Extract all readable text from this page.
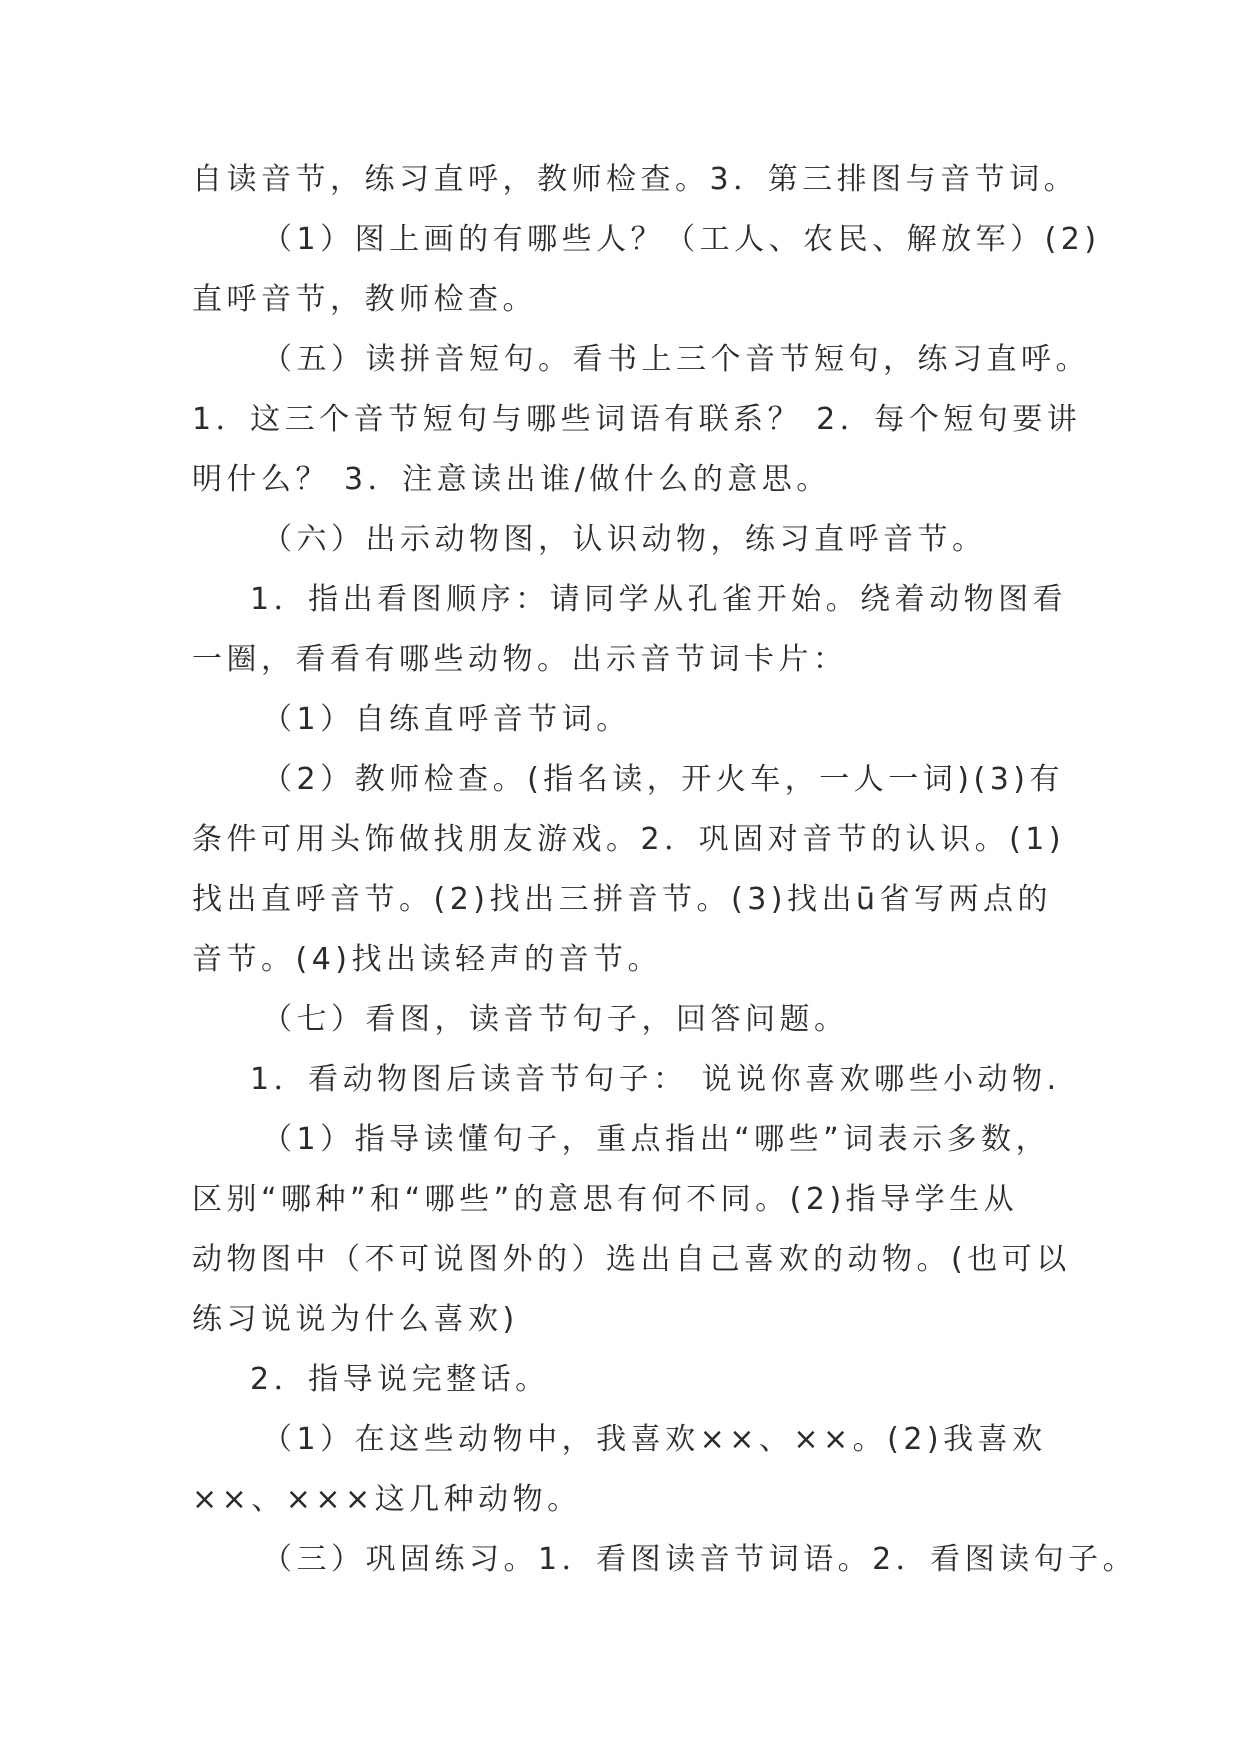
自读音节，练习直呼，教师检查。3．第三排图与音节词。
（1）图上画的有哪些人？（工人、农民、解放军）(2)
直呼音节，教师检查。
（五）读拼音短句。看书上三个音节短句，练习直呼。
1．这三个音节短句与哪些词语有联系？ 2．每个短句要讲
明什么？ 3．注意读出谁/做什么的意思。
（六）出示动物图，认识动物，练习直呼音节。
1．指出看图顺序：请同学从孔雀开始。绕着动物图看
一圈，看看有哪些动物。出示音节词卡片：
（1）自练直呼音节词。
（2）教师检查。(指名读，开火车，一人一词)(3)有
条件可用头饰做找朋友游戏。2．巩固对音节的认识。(1)
找出直呼音节。(2)找出三拼音节。(3)找出ū省写两点的
音节。(4)找出读轻声的音节。
（七）看图，读音节句子，回答问题。
1．看动物图后读音节句子： 说说你喜欢哪些小动物.
（1）指导读懂句子，重点指出“哪些”词表示多数，
区别“哪种”和“哪些”的意思有何不同。(2)指导学生从
动物图中（不可说图外的）选出自己喜欢的动物。(也可以
练习说说为什么喜欢)
2．指导说完整话。
（1）在这些动物中，我喜欢××、××。(2)我喜欢
××、×××这几种动物。
（三）巩固练习。1．看图读音节词语。2．看图读句子。
